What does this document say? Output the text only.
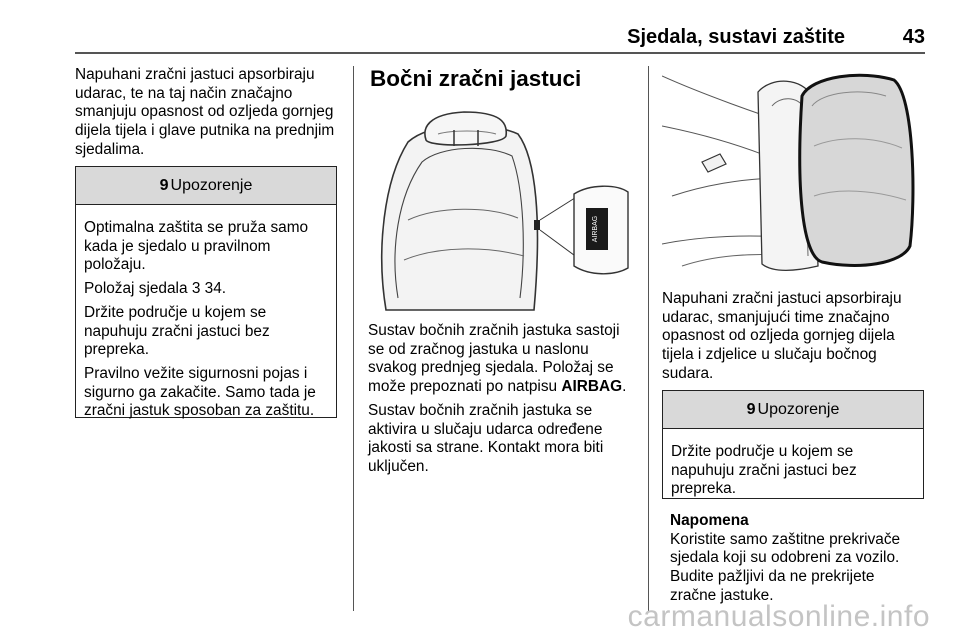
Sjedala, sustavi zaštite	43

Napuhani zračni jastuci apsorbiraju udarac, te na taj način značajno smanjuju opasnost od ozljeda gornjeg dijela tijela i glave putnika na prednjim sjedalima.

9 Upozorenje

Optimalna zaštita se pruža samo kada je sjedalo u pravilnom položaju.

Položaj sjedala 3 34.

Držite područje u kojem se napuhuju zračni jastuci bez prepreka.

Pravilno vežite sigurnosni pojas i sigurno ga zakačite. Samo tada je zračni jastuk sposoban za zaštitu.

Bočni zračni jastuci
AIRBAG

Sustav bočnih zračnih jastuka sastoji se od zračnog jastuka u naslonu svakog prednjeg sjedala. Položaj se može prepoznati po natpisu AIRBAG.

Sustav bočnih zračnih jastuka se aktivira u slučaju udarca određene jakosti sa strane. Kontakt mora biti uključen.

Napuhani zračni jastuci apsorbiraju udarac, smanjujući time značajno opasnost od ozljeda gornjeg dijela tijela i zdjelice u slučaju bočnog sudara.

9 Upozorenje

Držite područje u kojem se napuhuju zračni jastuci bez prepreka.

Napomena

Koristite samo zaštitne prekrivače sjedala koji su odobreni za vozilo. Budite pažljivi da ne prekrijete zračne jastuke.

carmanualsonline.info
